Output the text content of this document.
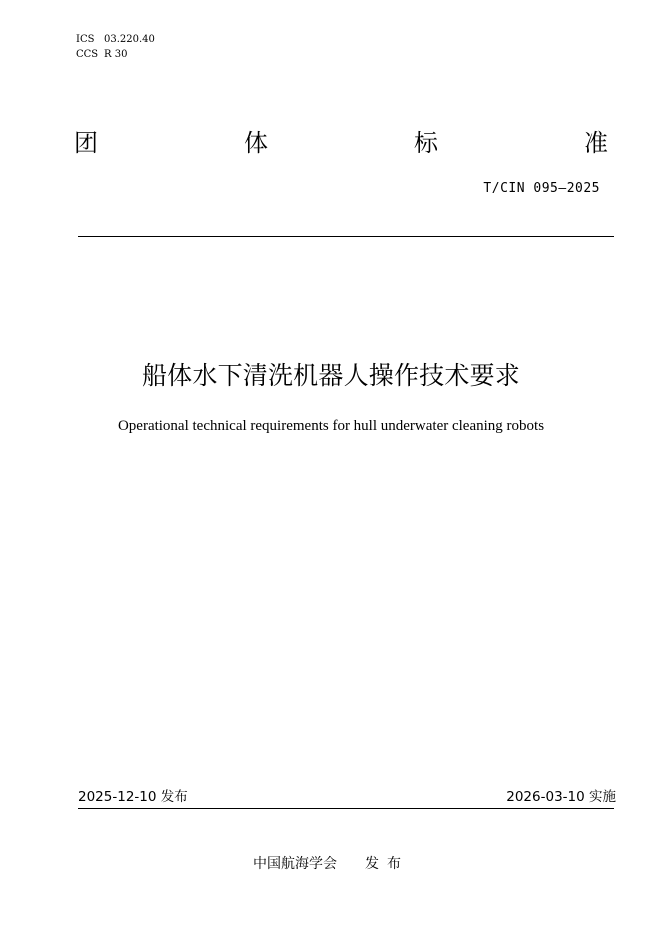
ICS 03.220.40
CCS R 30
团	体	标	准
T/CIN 095—2025
船体水下清洗机器人操作技术要求
Operational technical requirements for hull underwater cleaning robots
2025-12-10 发布	2026-03-10 实施
中国航海学会 发布
